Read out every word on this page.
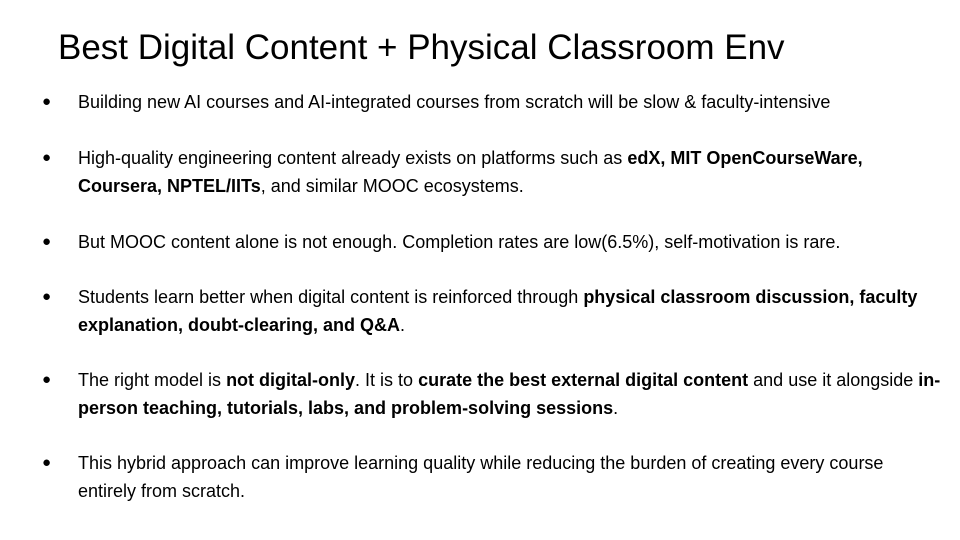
Best Digital Content + Physical Classroom Env
● Building new AI courses and AI-integrated courses from scratch will be slow & faculty-intensive
● High-quality engineering content already exists on platforms such as edX, MIT OpenCourseWare, Coursera, NPTEL/IITs, and similar MOOC ecosystems.
● But MOOC content alone is not enough. Completion rates are low(6.5%), self-motivation is rare.
● Students learn better when digital content is reinforced through physical classroom discussion, faculty explanation, doubt-clearing, and Q&A.
● The right model is not digital-only. It is to curate the best external digital content and use it alongside in-person teaching, tutorials, labs, and problem-solving sessions.
● This hybrid approach can improve learning quality while reducing the burden of creating every course entirely from scratch.
